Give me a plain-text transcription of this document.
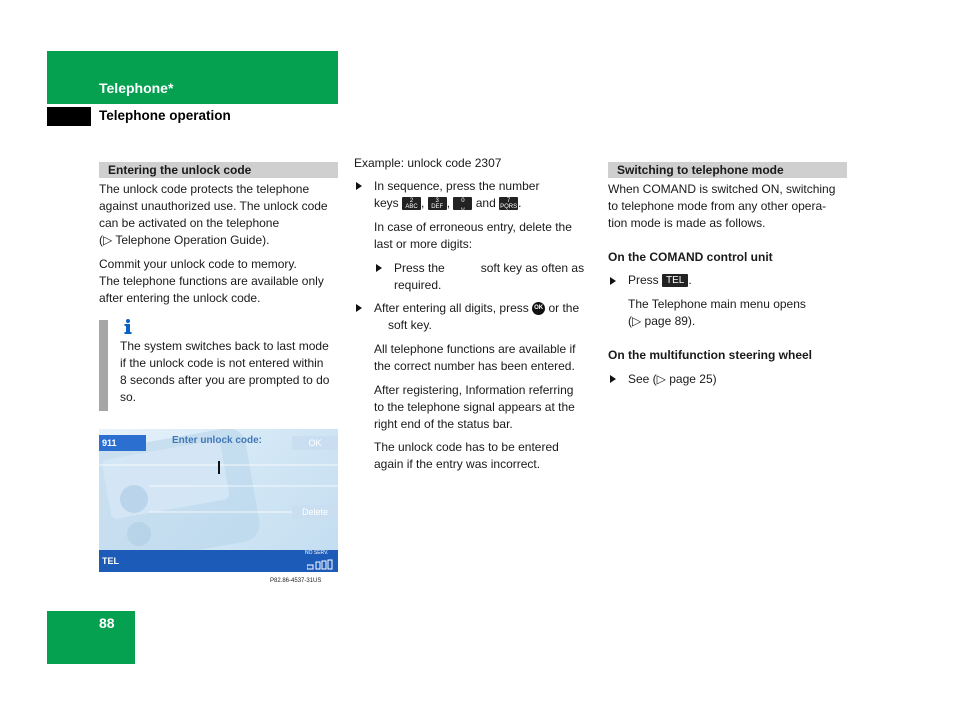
Telephone*
Telephone operation
Entering the unlock code

The unlock code protects the telephone

against unauthorized use. The unlock code

can be activated on the telephone

(▷ Telephone Operation Guide).

Commit your unlock code to memory.

The telephone functions are available only

after entering the unlock code.

The system switches back to last mode

if the unlock code is not entered within

8 seconds after you are prompted to do

so.

911	Enter unlock code:	OK
Delete
TEL
NO SERV.
P82.86-4537-31US

Example: unlock code 2307

In sequence, press the number

keys 2
ABC , 3
DEF , 0
␣ and 7
PQRS.

In case of erroneous entry, delete the

last or more digits:

Press the	soft key as often as

required.

After entering all digits, press OK or the

soft key.

All telephone functions are available if

the correct number has been entered.

After registering, Information referring

to the telephone signal appears at the

right end of the status bar.

The unlock code has to be entered

again if the entry was incorrect.

Switching to telephone mode

When COMAND is switched ON, switching

to telephone mode from any other opera-

tion mode is made as follows.

On the COMAND control unit

Press TEL .

The Telephone main menu opens

(▷ page 89).

On the multifunction steering wheel

See (▷ page 25)

88
